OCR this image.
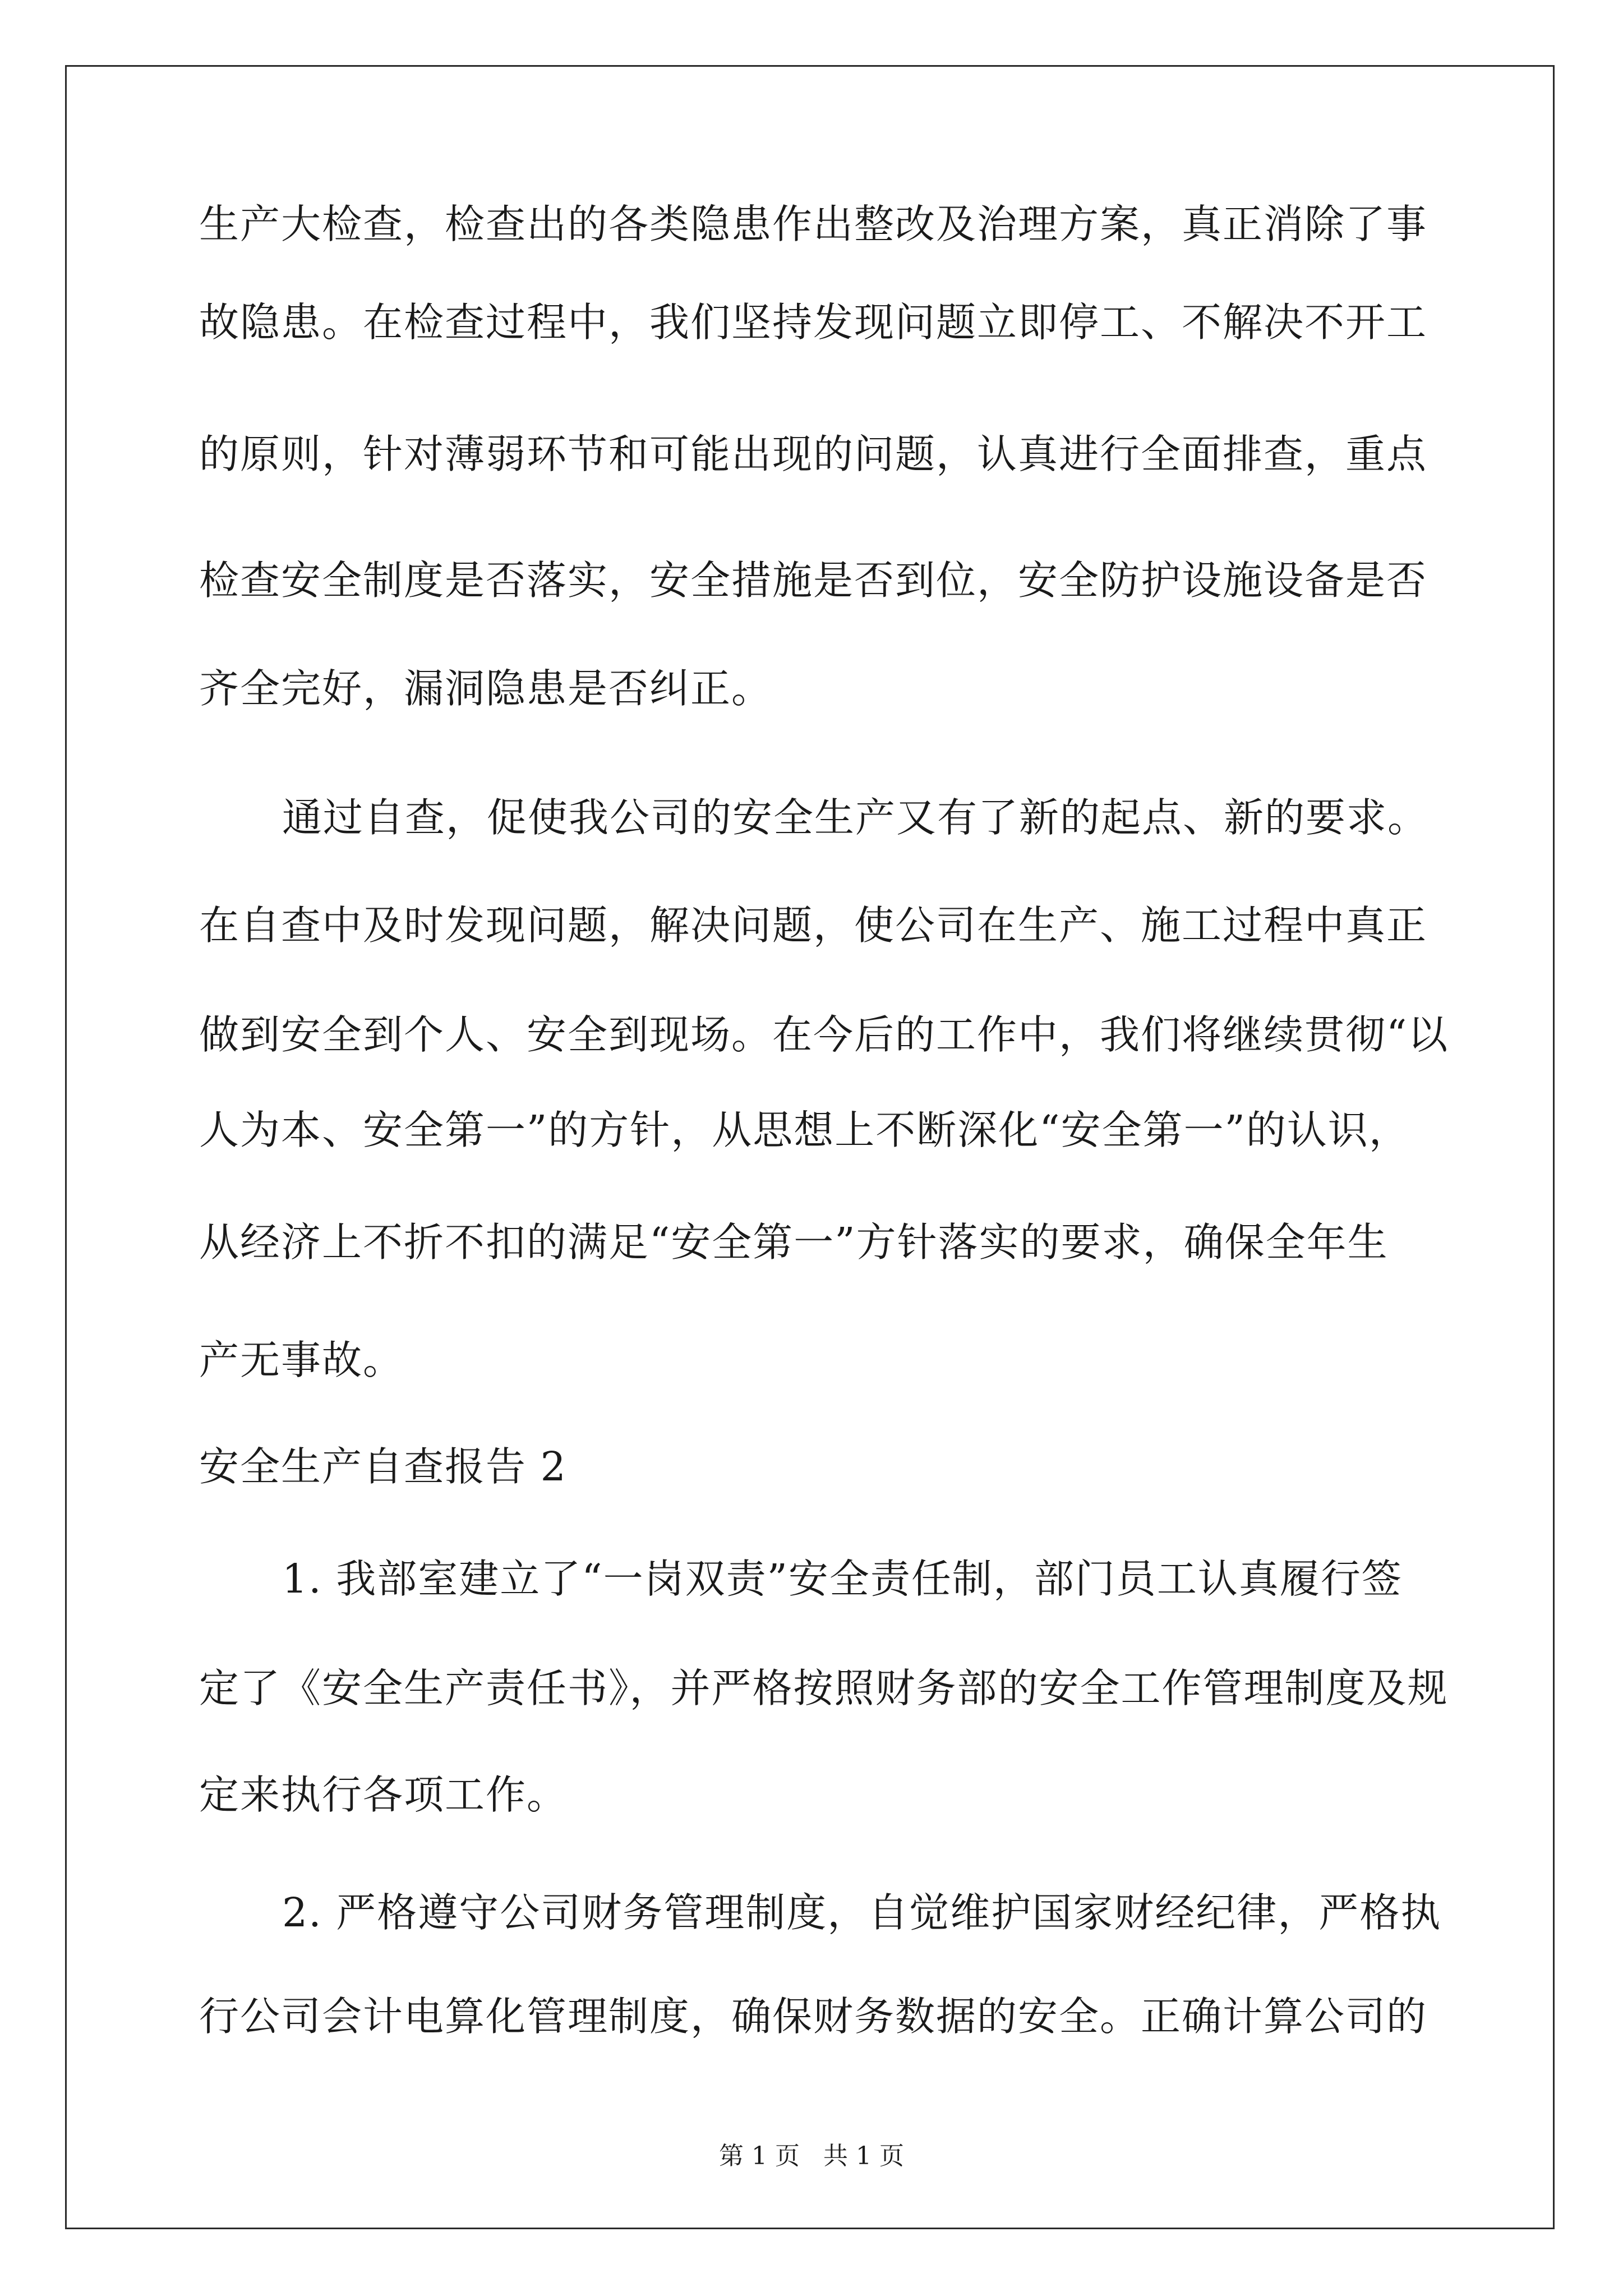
生产大检查，检查出的各类隐患作出整改及治理方案，真正消除了事
故隐患。在检查过程中，我们坚持发现问题立即停工、不解决不开工
的原则，针对薄弱环节和可能出现的问题，认真进行全面排查，重点
检查安全制度是否落实，安全措施是否到位，安全防护设施设备是否
齐全完好，漏洞隐患是否纠正。
通过自查，促使我公司的安全生产又有了新的起点、新的要求。
在自查中及时发现问题，解决问题，使公司在生产、施工过程中真正
做到安全到个人、安全到现场。在今后的工作中，我们将继续贯彻“以
人为本、安全第一”的方针，从思想上不断深化“安全第一”的认识，
从经济上不折不扣的满足“安全第一”方针落实的要求，确保全年生
产无事故。
安全生产自查报告 2
1. 我部室建立了“一岗双责”安全责任制，部门员工认真履行签
定了《安全生产责任书》，并严格按照财务部的安全工作管理制度及规
定来执行各项工作。
2. 严格遵守公司财务管理制度，自觉维护国家财经纪律，严格执
行公司会计电算化管理制度，确保财务数据的安全。正确计算公司的
第 1 页   共 1 页
